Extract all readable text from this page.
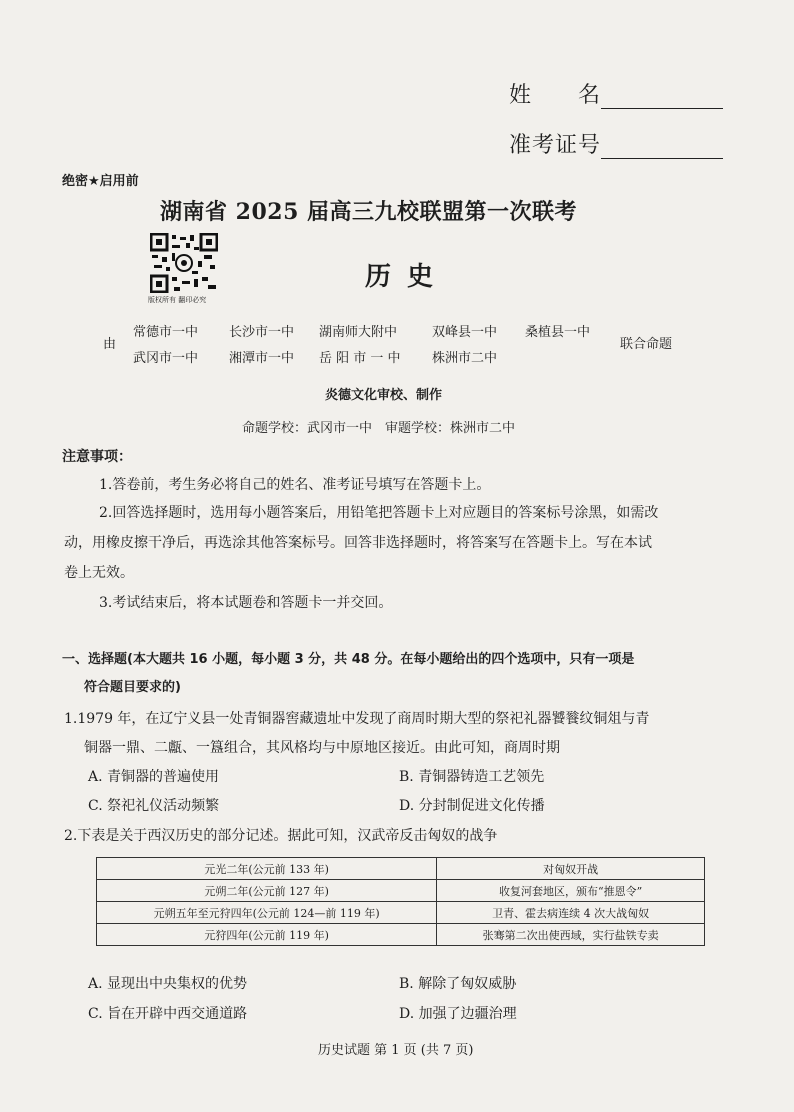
姓　　名
准考证号
绝密★启用前
湖南省 2025 届高三九校联盟第一次联考
版权所有 翻印必究
历史
由
常德市一中 长沙市一中 湖南师大附中	双峰县一中 桑植县一中
武冈市一中 湘潭市一中 岳 阳 市 一 中 株洲市二中
联合命题
炎德文化审校、制作
命题学校：武冈市一中　审题学校：株洲市二中
注意事项：
1.答卷前，考生务必将自己的姓名、准考证号填写在答题卡上。
2.回答选择题时，选用每小题答案后，用铅笔把答题卡上对应题目的答案标号涂黑，如需改
动，用橡皮擦干净后，再选涂其他答案标号。回答非选择题时，将答案写在答题卡上。写在本试
卷上无效。
3.考试结束后，将本试题卷和答题卡一并交回。
一、选择题(本大题共 16 小题，每小题 3 分，共 48 分。在每小题给出的四个选项中，只有一项是
符合题目要求的)
1.1979 年，在辽宁义县一处青铜器窖藏遗址中发现了商周时期大型的祭祀礼器饕餮纹铜俎与青
铜器一鼎、二甗、一簋组合，其风格均与中原地区接近。由此可知，商周时期
A. 青铜器的普遍使用	B. 青铜器铸造工艺领先
C. 祭祀礼仪活动频繁	D. 分封制促进文化传播
2.下表是关于西汉历史的部分记述。据此可知，汉武帝反击匈奴的战争
元光二年(公元前 133 年)	对匈奴开战
元朔二年(公元前 127 年)	收复河套地区，颁布“推恩令”
元朔五年至元狩四年(公元前 124—前 119 年)	卫青、霍去病连续 4 次大战匈奴
元狩四年(公元前 119 年)	张骞第二次出使西域，实行盐铁专卖
A. 显现出中央集权的优势	B. 解除了匈奴威胁
C. 旨在开辟中西交通道路	D. 加强了边疆治理
历史试题 第 1 页 (共 7 页)
